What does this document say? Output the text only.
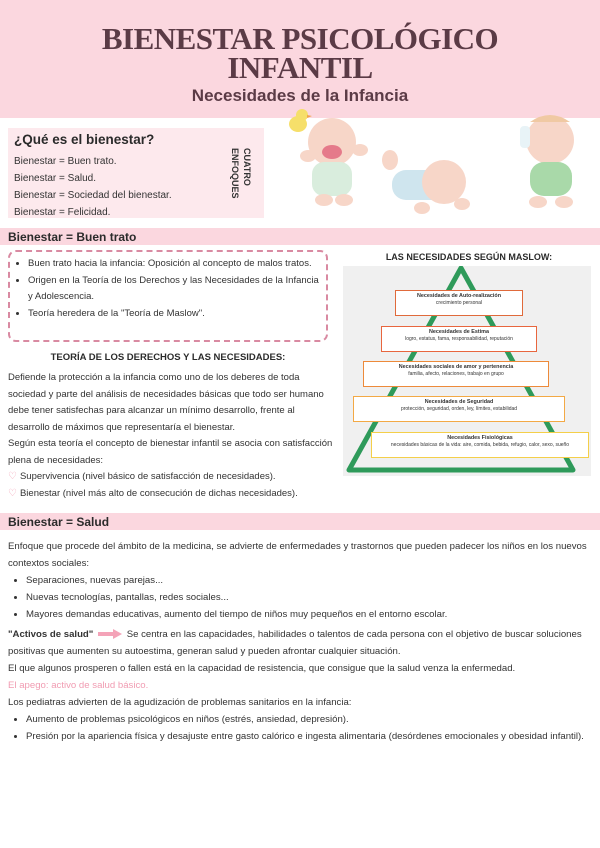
BIENESTAR PSICOLÓGICO
INFANTIL
Necesidades de la Infancia
¿Qué es el bienestar?
Bienestar = Buen trato.
Bienestar = Salud.
Bienestar = Sociedad del bienestar.
Bienestar = Felicidad.
CUATRO
ENFOQUES
Bienestar = Buen trato
• Buen trato hacia la infancia: Oposición al concepto de malos tratos.
• Origen en la Teoría de los Derechos y las Necesidades de la Infancia y Adolescencia.
• Teoría heredera de la "Teoría de Maslow".
TEORÍA DE LOS DERECHOS Y LAS NECESIDADES:
Defiende la protección a la infancia como uno de los deberes de toda sociedad y parte del análisis de necesidades básicas que todo ser humano debe tener satisfechas para alcanzar un mínimo desarrollo, frente al desarrollo de máximos que representaría el bienestar.
Según esta teoría el concepto de bienestar infantil se asocia con satisfacción plena de necesidades:
♡ Supervivencia (nivel básico de satisfacción de necesidades).
♡ Bienestar (nivel más alto de consecución de dichas necesidades).
LAS NECESIDADES SEGÚN MASLOW:
Necesidades de Auto-realización
crecimiento personal
Necesidades de Estima
logro, estatus, fama, responsabilidad, reputación
Necesidades sociales de amor y pertenencia
familia, afecto, relaciones, trabajo en grupo
Necesidades de Seguridad
protección, seguridad, orden, ley, límites, estabilidad
Necesidades Fisiológicas
necesidades básicas de la vida: aire, comida, bebida, refugio, calor, sexo, sueño
Bienestar = Salud
Enfoque que procede del ámbito de la medicina, se advierte de enfermedades y trastornos que pueden padecer los niños en los nuevos contextos sociales:
• Separaciones, nuevas parejas...
• Nuevas tecnologías, pantallas, redes sociales...
• Mayores demandas educativas, aumento del tiempo de niños muy pequeños en el entorno escolar.
"Activos de salud"	Se centra en las capacidades, habilidades o talentos de cada persona con el objetivo de buscar soluciones positivas que aumenten su autoestima, generan salud y pueden afrontar cualquier situación.
El que algunos prosperen o fallen está en la capacidad de resistencia, que consigue que la salud venza la enfermedad.
El apego: activo de salud básico.
Los pediatras advierten de la agudización de problemas sanitarios en la infancia:
• Aumento de problemas psicológicos en niños (estrés, ansiedad, depresión).
• Presión por la apariencia física y desajuste entre gasto calórico e ingesta alimentaria (desórdenes emocionales y obesidad infantil).
